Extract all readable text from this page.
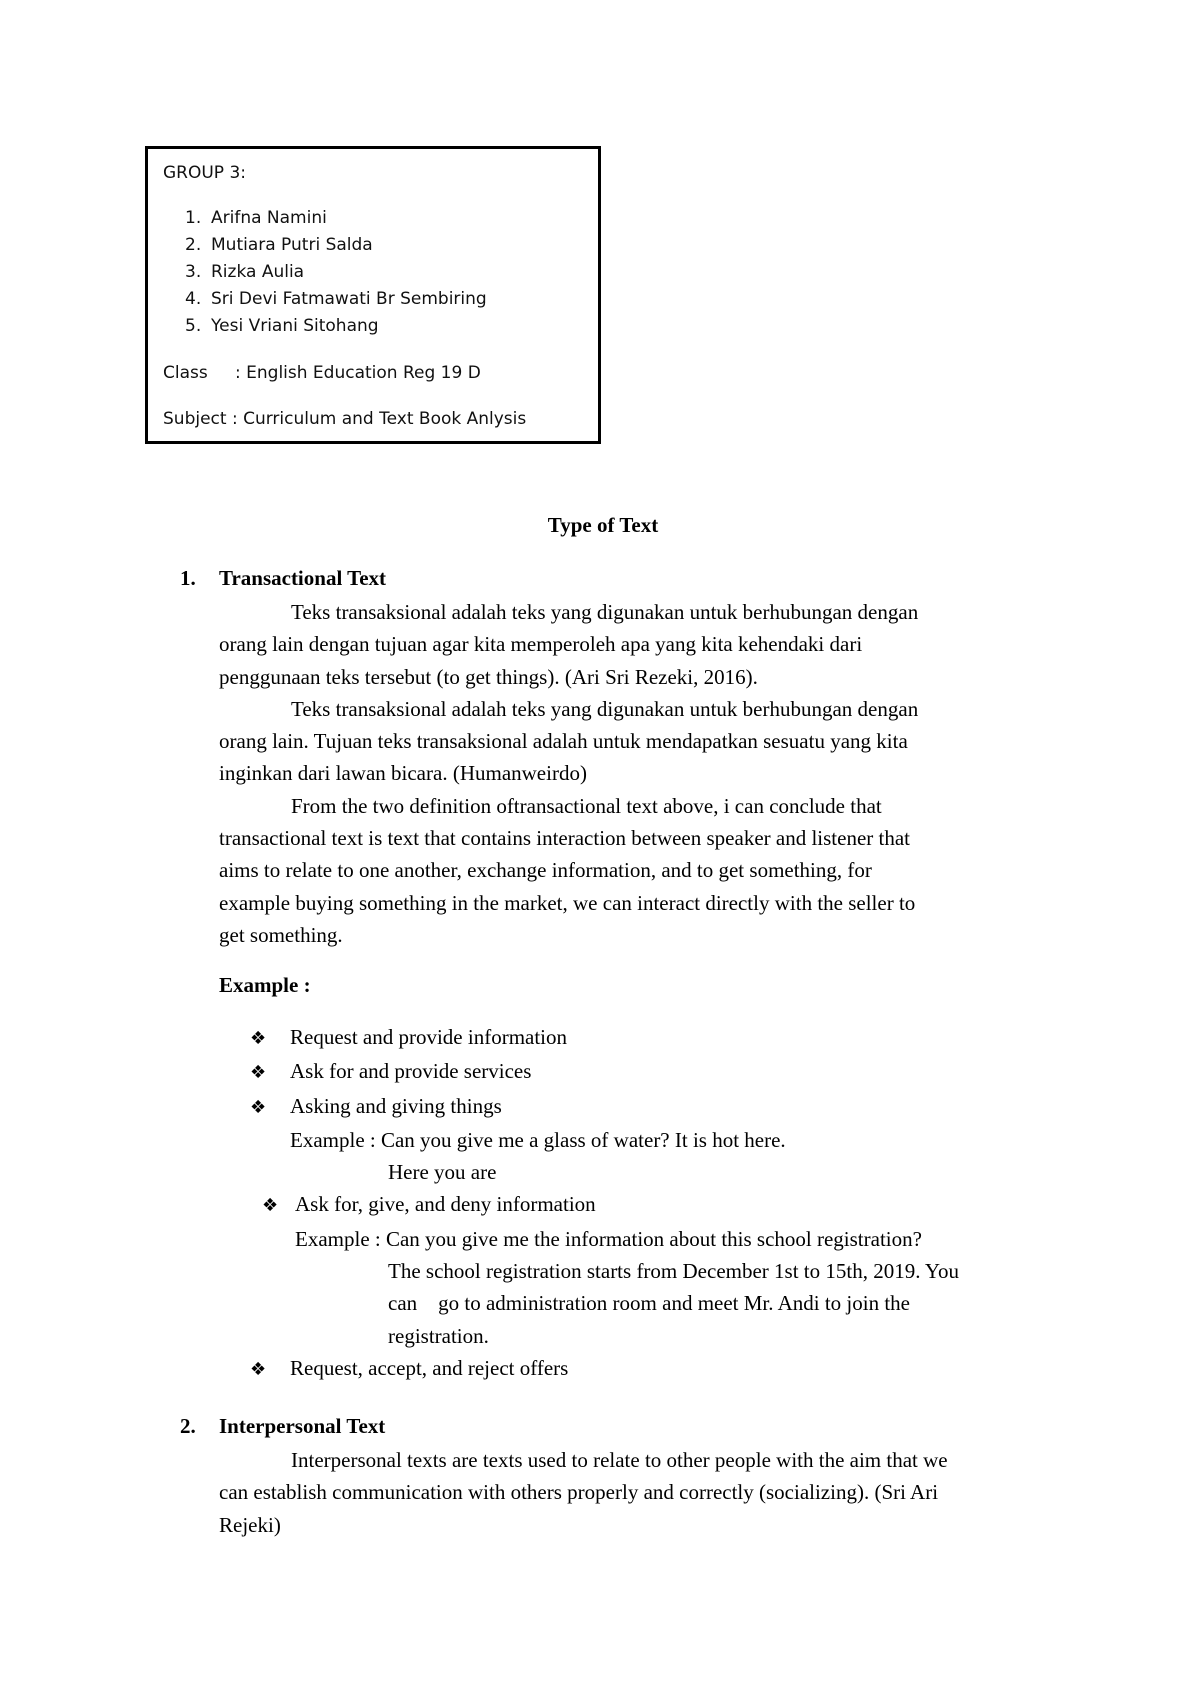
GROUP 3:
1. Arifna Namini
2. Mutiara Putri Salda
3. Rizka Aulia
4. Sri Devi Fatmawati Br Sembiring
5. Yesi Vriani Sitohang
Class : English Education Reg 19 D
Subject : Curriculum and Text Book Anlysis
Type of Text
1. Transactional Text
Teks transaksional adalah teks yang digunakan untuk berhubungan dengan
orang lain dengan tujuan agar kita memperoleh apa yang kita kehendaki dari
penggunaan teks tersebut (to get things). (Ari Sri Rezeki, 2016).
Teks transaksional adalah teks yang digunakan untuk berhubungan dengan
orang lain. Tujuan teks transaksional adalah untuk mendapatkan sesuatu yang kita
inginkan dari lawan bicara. (Humanweirdo)
From the two definition oftransactional text above, i can conclude that
transactional text is text that contains interaction between speaker and listener that
aims to relate to one another, exchange information, and to get something, for
example buying something in the market, we can interact directly with the seller to
get something.
Example :
❖ Request and provide information
❖ Ask for and provide services
❖ Asking and giving things
Example : Can you give me a glass of water? It is hot here.
Here you are
❖ Ask for, give, and deny information
Example : Can you give me the information about this school registration?
The school registration starts from December 1st to 15th, 2019. You
can    go to administration room and meet Mr. Andi to join the
registration.
❖ Request, accept, and reject offers
2. Interpersonal Text
Interpersonal texts are texts used to relate to other people with the aim that we
can establish communication with others properly and correctly (socializing). (Sri Ari
Rejeki)
